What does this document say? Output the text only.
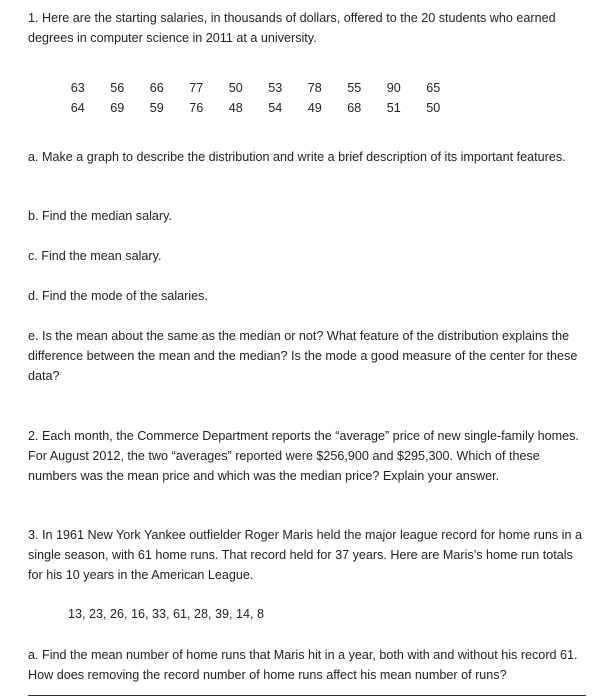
1. Here are the starting salaries, in thousands of dollars, offered to the 20 students who earned degrees in computer science in 2011 at a university.

63	56	66	77	50	53	78	55	90	65
64	69	59	76	48	54	49	68	51	50

a. Make a graph to describe the distribution and write a brief description of its important features.

b. Find the median salary.

c. Find the mean salary.

d. Find the mode of the salaries.

e. Is the mean about the same as the median or not? What feature of the distribution explains the difference between the mean and the median? Is the mode a good measure of the center for these data?

2. Each month, the Commerce Department reports the “average” price of new single-family homes. For August 2012, the two “averages” reported were $256,900 and $295,300. Which of these numbers was the mean price and which was the median price? Explain your answer.

3. In 1961 New York Yankee outfielder Roger Maris held the major league record for home runs in a single season, with 61 home runs. That record held for 37 years. Here are Maris’s home run totals for his 10 years in the American League.

13, 23, 26, 16, 33, 61, 28, 39, 14, 8

a. Find the mean number of home runs that Maris hit in a year, both with and without his record 61. How does removing the record number of home runs affect his mean number of runs?
